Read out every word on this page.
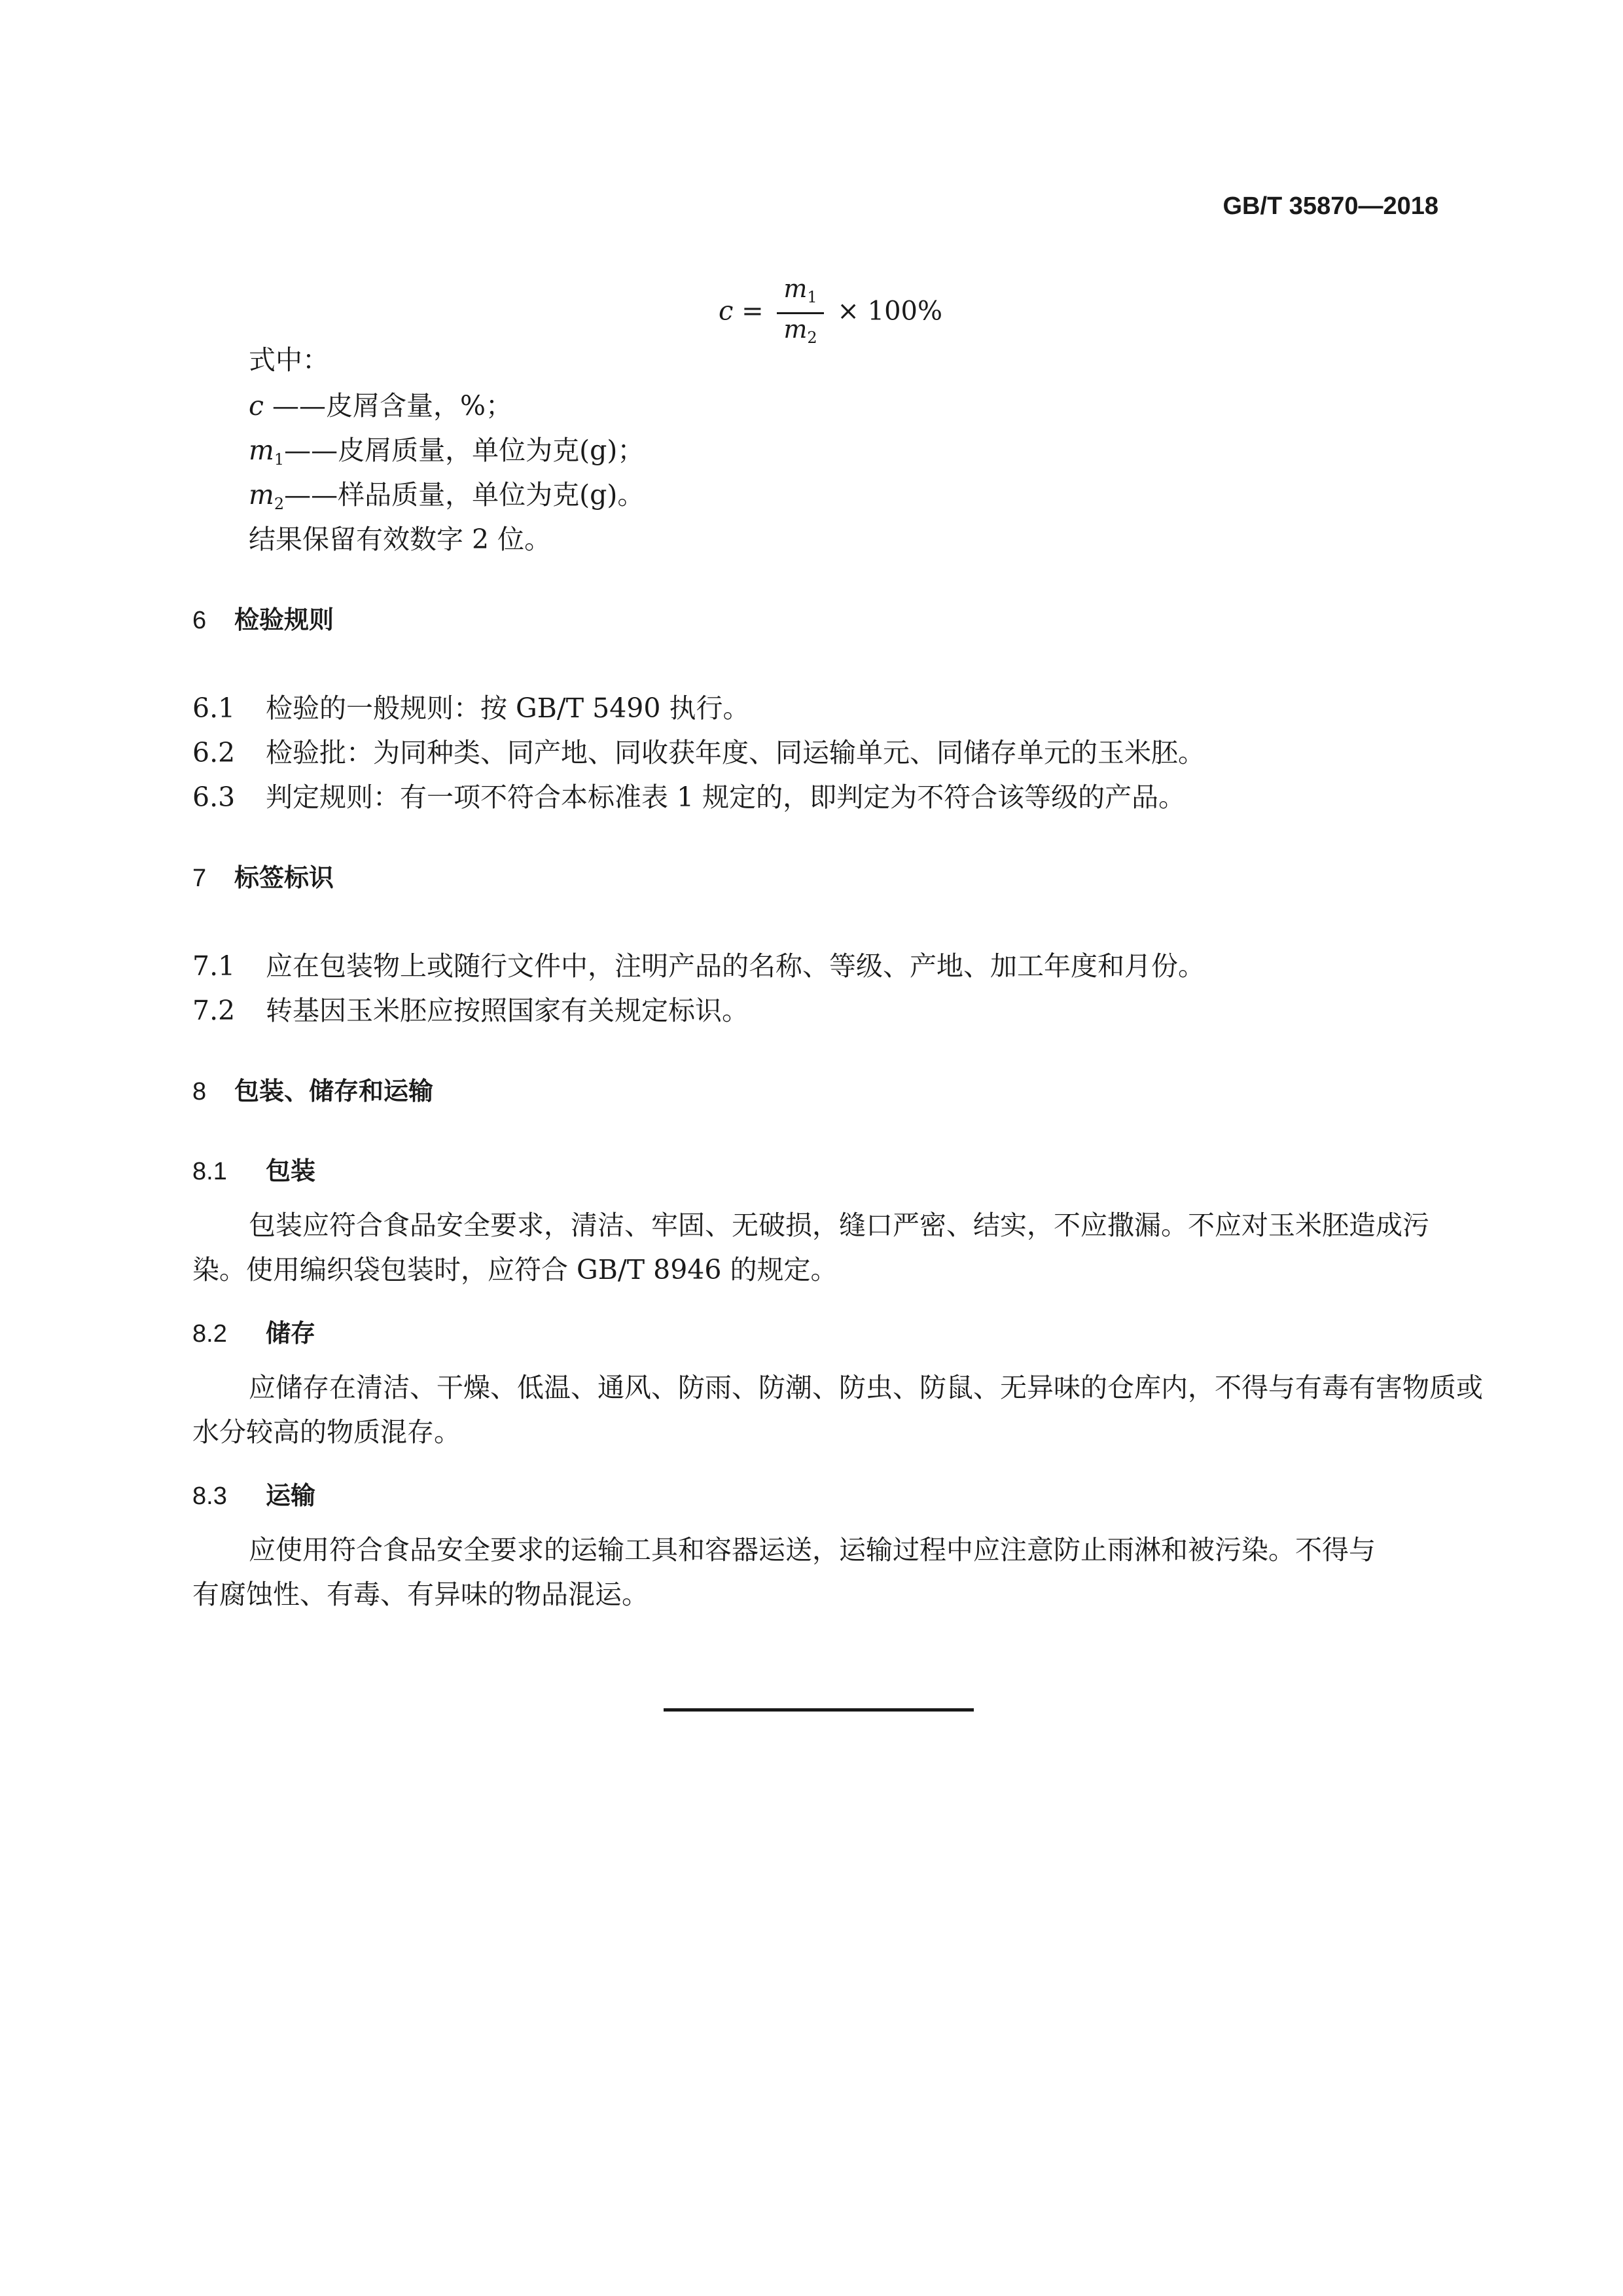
GB/T 35870—2018
$c = \frac{m_1}{m_2} \times 100\%$
式中：
c ——皮屑含量，%；
$m_1——$皮屑质量，单位为克(g)；
$m_2——$样品质量，单位为克(g)。
结果保留有效数字 2 位。
6 检验规则
6.1 检验的一般规则：按 GB/T 5490 执行。
6.2 检验批：为同种类、同产地、同收获年度、同运输单元、同储存单元的玉米胚。
6.3 判定规则：有一项不符合本标准表 1 规定的，即判定为不符合该等级的产品。
7 标签标识
7.1 应在包装物上或随行文件中，注明产品的名称、等级、产地、加工年度和月份。
7.2 转基因玉米胚应按照国家有关规定标识。
8 包装、储存和运输
8.1 包装
包装应符合食品安全要求，清洁、牢固、无破损，缝口严密、结实，不应撒漏。不应对玉米胚造成污
染。使用编织袋包装时，应符合 GB/T 8946 的规定。
8.2 储存
应储存在清洁、干燥、低温、通风、防雨、防潮、防虫、防鼠、无异味的仓库内，不得与有毒有害物质或
水分较高的物质混存。
8.3 运输
应使用符合食品安全要求的运输工具和容器运送，运输过程中应注意防止雨淋和被污染。不得与
有腐蚀性、有毒、有异味的物品混运。
